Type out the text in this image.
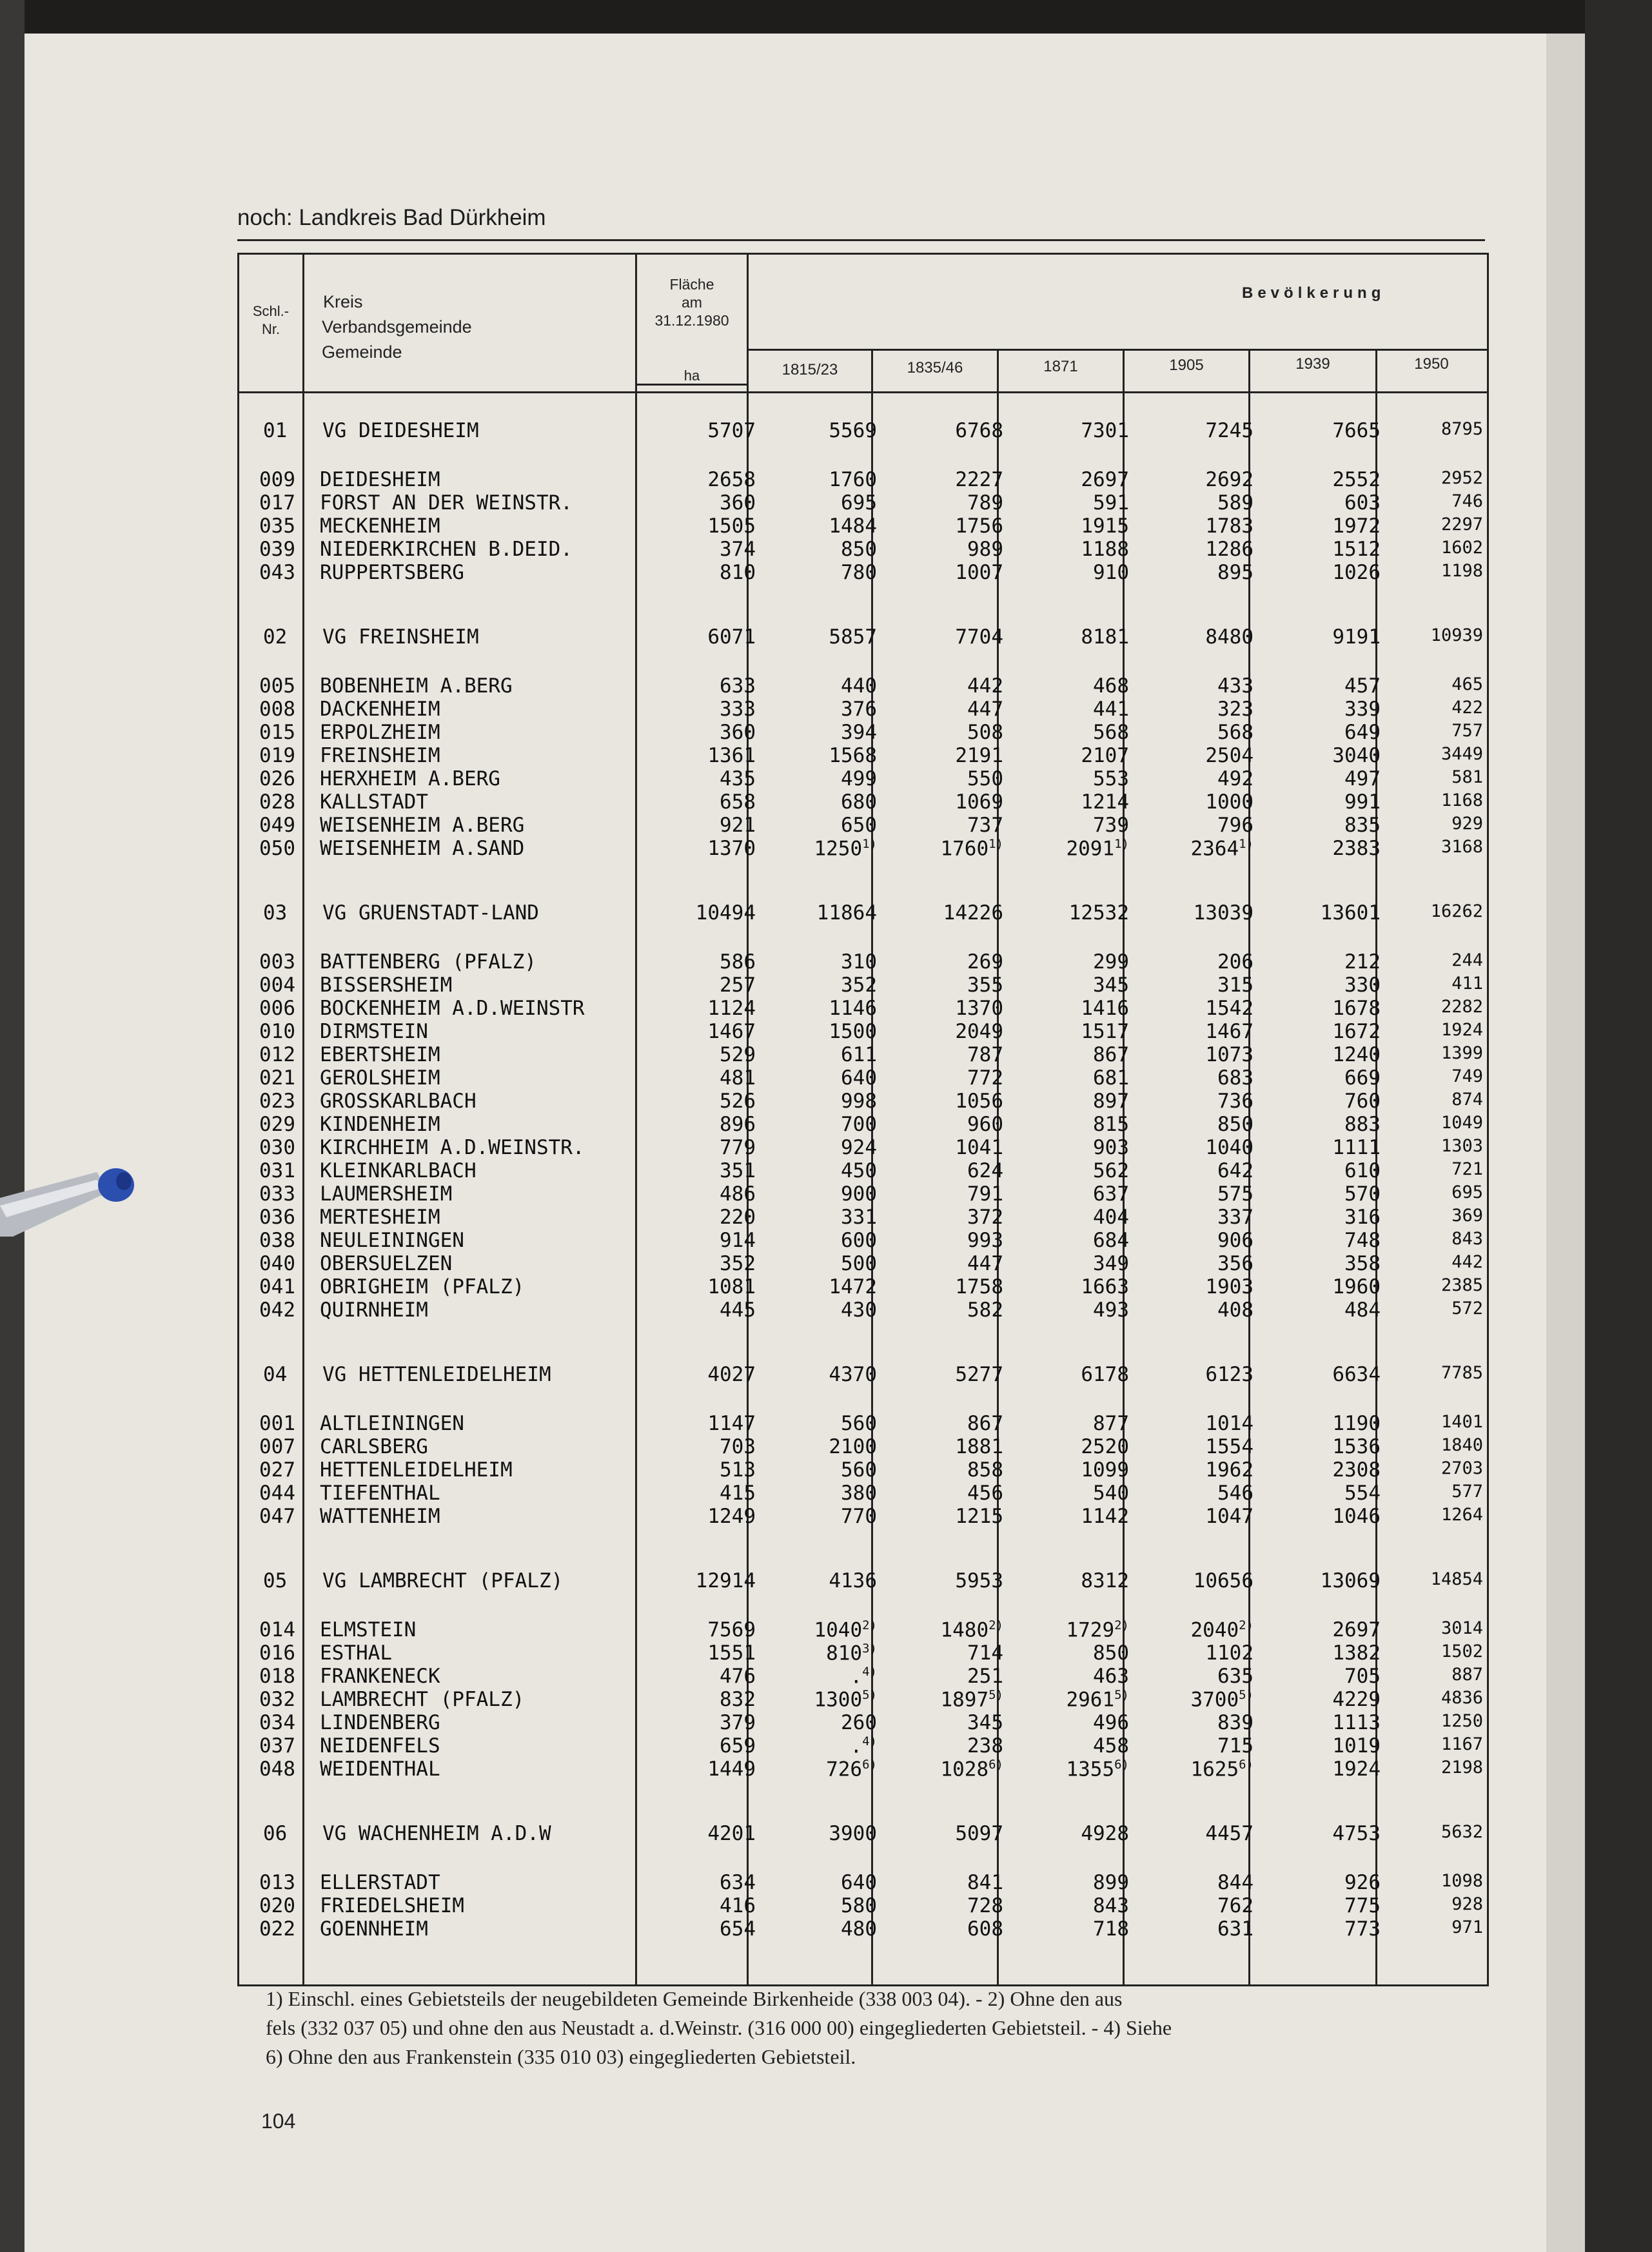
noch: Landkreis Bad Dürkheim
Schl.-
Nr.
Kreis
Verbandsgemeinde
Gemeinde
Fläche
am
31.12.1980
ha
Bevölkerung
1815/23	1835/46	1871	1905	1939	1950
01	VG DEIDESHEIM	5707	5569	6768	7301	7245	7665	8795
009 DEIDESHEIM	2658	1760	2227	2697	2692	2552	2952
017 FORST AN DER WEINSTR.	360	695	789	591	589	603	746
035 MECKENHEIM	1505	1484	1756	1915	1783	1972	2297
039 NIEDERKIRCHEN B.DEID.	374	850	989	1188	1286	1512	1602
043 RUPPERTSBERG	810	780	1007	910	895	1026	1198
02	VG FREINSHEIM	6071	5857	7704	8181	8480	9191	10939
005 BOBENHEIM A.BERG	633	440	442	468	433	457	465
008 DACKENHEIM	333	376	447	441	323	339	422
015 ERPOLZHEIM	360	394	508	568	568	649	757
019 FREINSHEIM	1361	1568	2191	2107	2504	3040	3449
026 HERXHEIM A.BERG	435	499	550	553	492	497	581
028 KALLSTADT	658	680	1069	1214	1000	991	1168
049 WEISENHEIM A.BERG	921	650	737	739	796	835	929
050 WEISENHEIM A.SAND	1370	1250$^{1)}$	1760$^{1)}$	2091$^{1)}$	2364$^{1)}$	2383	3168
03	VG GRUENSTADT-LAND	10494	11864	14226	12532	13039	13601	16262
003 BATTENBERG (PFALZ)	586	310	269	299	206	212	244
004 BISSERSHEIM	257	352	355	345	315	330	411
006 BOCKENHEIM A.D.WEINSTR	1124	1146	1370	1416	1542	1678	2282
010 DIRMSTEIN	1467	1500	2049	1517	1467	1672	1924
012 EBERTSHEIM	529	611	787	867	1073	1240	1399
021 GEROLSHEIM	481	640	772	681	683	669	749
023 GROSSKARLBACH	526	998	1056	897	736	760	874
029 KINDENHEIM	896	700	960	815	850	883	1049
030 KIRCHHEIM A.D.WEINSTR.	779	924	1041	903	1040	1111	1303
031 KLEINKARLBACH	351	450	624	562	642	610	721
033 LAUMERSHEIM	486	900	791	637	575	570	695
036 MERTESHEIM	220	331	372	404	337	316	369
038 NEULEININGEN	914	600	993	684	906	748	843
040 OBERSUELZEN	352	500	447	349	356	358	442
041 OBRIGHEIM (PFALZ)	1081	1472	1758	1663	1903	1960	2385
042 QUIRNHEIM	445	430	582	493	408	484	572
04	VG HETTENLEIDELHEIM	4027	4370	5277	6178	6123	6634	7785
001 ALTLEININGEN	1147	560	867	877	1014	1190	1401
007 CARLSBERG	703	2100	1881	2520	1554	1536	1840
027 HETTENLEIDELHEIM	513	560	858	1099	1962	2308	2703
044 TIEFENTHAL	415	380	456	540	546	554	577
047 WATTENHEIM	1249	770	1215	1142	1047	1046	1264
05	VG LAMBRECHT (PFALZ)	12914	4136	5953	8312	10656	13069	14854
014 ELMSTEIN	7569	1040$^{2)}$	1480$^{2)}$	1729$^{2)}$	2040$^{2)}$	2697	3014
016 ESTHAL	1551	810$^{3)}$	714	850	1102	1382	1502
018 FRANKENECK	476	.$^{4)}$	251	463	635	705	887
032 LAMBRECHT (PFALZ)	832	1300$^{5)}$	1897$^{5)}$	2961$^{5)}$	3700$^{5)}$	4229	4836
034 LINDENBERG	379	260	345	496	839	1113	1250
037 NEIDENFELS	659	.$^{4)}$	238	458	715	1019	1167
048 WEIDENTHAL	1449	726$^{6)}$	1028$^{6)}$	1355$^{6)}$	1625$^{6)}$	1924	2198
06	VG WACHENHEIM A.D.W	4201	3900	5097	4928	4457	4753	5632
013 ELLERSTADT	634	640	841	899	844	926	1098
020 FRIEDELSHEIM	416	580	728	843	762	775	928
022 GOENNHEIM	654	480	608	718	631	773	971
1) Einschl. eines Gebietsteils der neugebildeten Gemeinde Birkenheide (338 003 04). - 2) Ohne den aus
fels (332 037 05) und ohne den aus Neustadt a. d.Weinstr. (316 000 00) eingegliederten Gebietsteil. - 4) Siehe
6) Ohne den aus Frankenstein (335 010 03) eingegliederten Gebietsteil.
104
